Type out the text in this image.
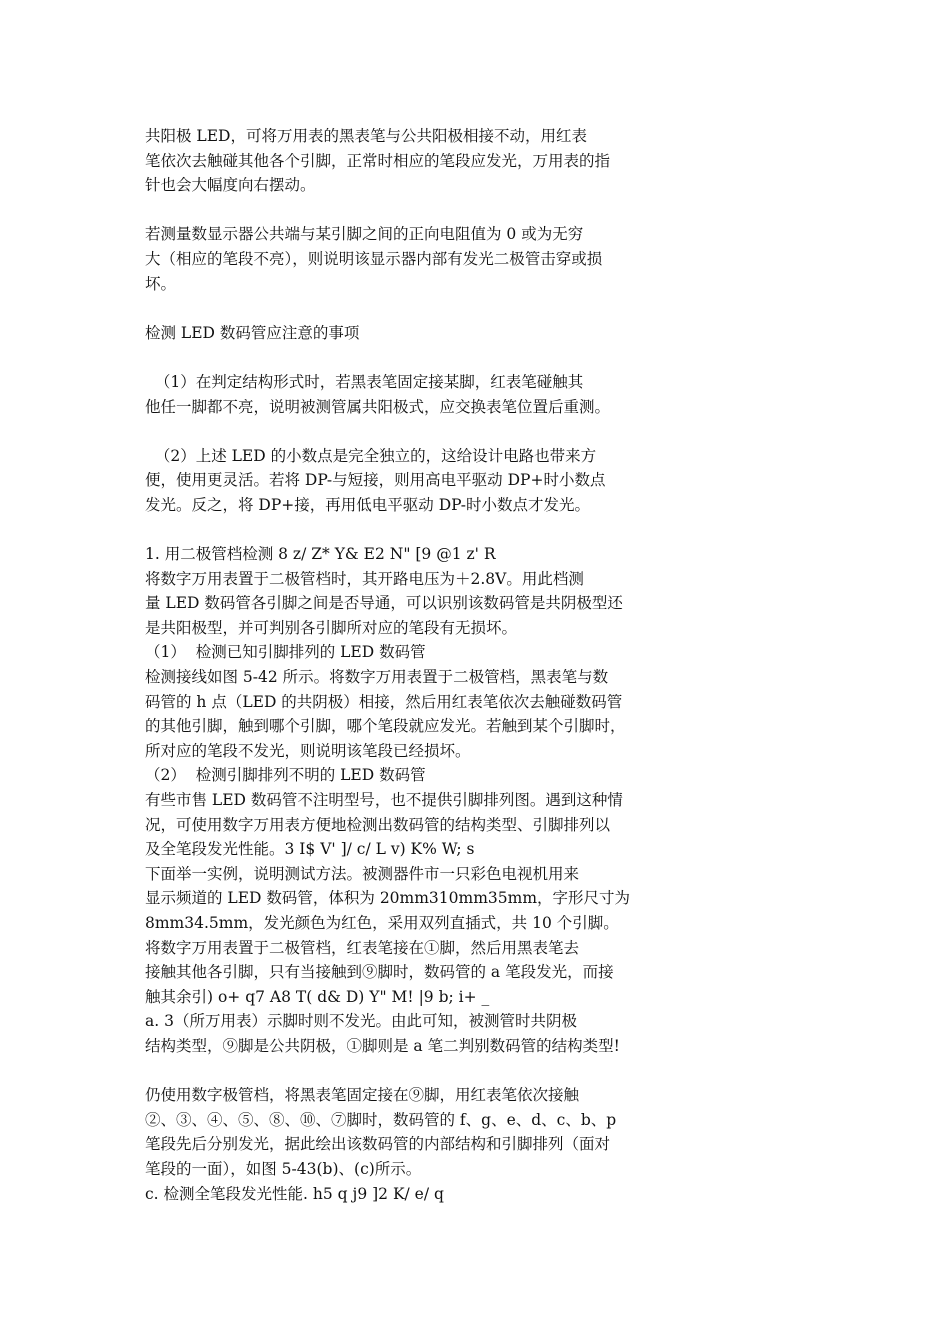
共阳极 LED，可将万用表的黑表笔与公共阳极相接不动，用红表
笔依次去触碰其他各个引脚，正常时相应的笔段应发光，万用表的指
针也会大幅度向右摆动。
若测量数显示器公共端与某引脚之间的正向电阻值为 0 或为无穷
大（相应的笔段不亮），则说明该显示器内部有发光二极管击穿或损
坏。
检测 LED 数码管应注意的事项
（1）在判定结构形式时，若黑表笔固定接某脚，红表笔碰触其
他任一脚都不亮，说明被测管属共阳极式，应交换表笔位置后重测。
（2）上述 LED 的小数点是完全独立的，这给设计电路也带来方
便，使用更灵活。若将 DP-与短接，则用高电平驱动 DP+时小数点
发光。反之，将 DP+接，再用低电平驱动 DP-时小数点才发光。
1. 用二极管档检测 8 z/ Z* Y& E2 N" [9 @1 z' R
将数字万用表置于二极管档时，其开路电压为＋2.8V。用此档测
量 LED 数码管各引脚之间是否导通，可以识别该数码管是共阴极型还
是共阳极型，并可判别各引脚所对应的笔段有无损坏。
（1）  检测已知引脚排列的 LED 数码管
检测接线如图 5-42 所示。将数字万用表置于二极管档，黑表笔与数
码管的 h 点（LED 的共阴极）相接，然后用红表笔依次去触碰数码管
的其他引脚，触到哪个引脚，哪个笔段就应发光。若触到某个引脚时，
所对应的笔段不发光，则说明该笔段已经损坏。
（2）  检测引脚排列不明的 LED 数码管
有些市售 LED 数码管不注明型号，也不提供引脚排列图。遇到这种情
况，可使用数字万用表方便地检测出数码管的结构类型、引脚排列以
及全笔段发光性能。3 I$ V' ]/ c/ L v) K% W; s
下面举一实例，说明测试方法。被测器件市一只彩色电视机用来
显示频道的 LED 数码管，体积为 20mm310mm35mm，字形尺寸为
8mm34.5mm，发光颜色为红色，采用双列直插式，共 10 个引脚。
将数字万用表置于二极管档，红表笔接在①脚，然后用黑表笔去
接触其他各引脚，只有当接触到⑨脚时，数码管的 a 笔段发光，而接
触其余引) o+ q7 A8 T( d& D) Y" M! |9 b; i+ _
a. 3（所万用表）示脚时则不发光。由此可知，被测管时共阴极
结构类型，⑨脚是公共阴极，①脚则是 a 笔二判别数码管的结构类型!
仍使用数字极管档，将黑表笔固定接在⑨脚，用红表笔依次接触
②、③、④、⑤、⑧、⑩、⑦脚时，数码管的 f、g、e、d、c、b、p
笔段先后分别发光，据此绘出该数码管的内部结构和引脚排列（面对
笔段的一面），如图 5-43(b)、(c)所示。
c. 检测全笔段发光性能. h5 q j9 ]2 K/ e/ q
